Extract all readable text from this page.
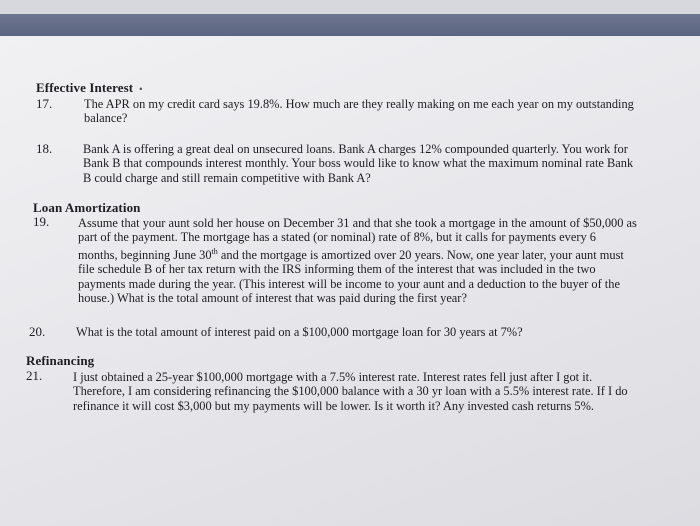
Effective Interest •
17.	The APR on my credit card says 19.8%. How much are they really making on me each year on my outstanding
balance?
18. Bank A is offering a great deal on unsecured loans. Bank A charges 12% compounded quarterly. You work for
Bank B that compounds interest monthly. Your boss would like to know what the maximum nominal rate Bank
B could charge and still remain competitive with Bank A?
Loan Amortization
19. Assume that your aunt sold her house on December 31 and that she took a mortgage in the amount of $50,000 as
part of the payment. The mortgage has a stated (or nominal) rate of 8%, but it calls for payments every 6
months, beginning June 30th and the mortgage is amortized over 20 years. Now, one year later, your aunt must
file schedule B of her tax return with the IRS informing them of the interest that was included in the two
payments made during the year. (This interest will be income to your aunt and a deduction to the buyer of the
house.) What is the total amount of interest that was paid during the first year?
20. What is the total amount of interest paid on a $100,000 mortgage loan for 30 years at 7%?
Refinancing
21. I just obtained a 25-year $100,000 mortgage with a 7.5% interest rate. Interest rates fell just after I got it.
Therefore, I am considering refinancing the $100,000 balance with a 30 yr loan with a 5.5% interest rate. If I do
refinance it will cost $3,000 but my payments will be lower. Is it worth it? Any invested cash returns 5%.
